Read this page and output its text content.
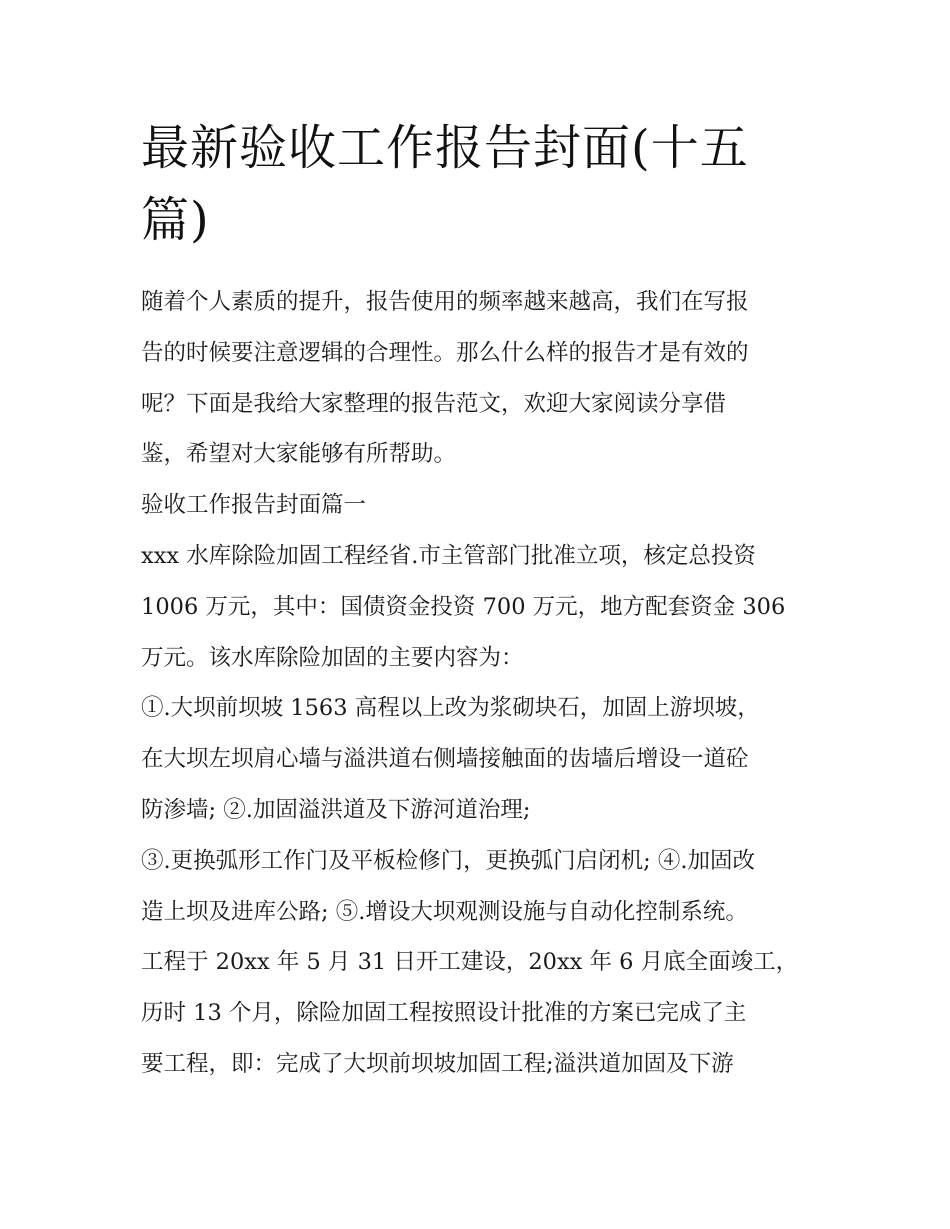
最新验收工作报告封面(十五篇)
随着个人素质的提升，报告使用的频率越来越高，我们在写报
告的时候要注意逻辑的合理性。那么什么样的报告才是有效的
呢？下面是我给大家整理的报告范文，欢迎大家阅读分享借
鉴，希望对大家能够有所帮助。
验收工作报告封面篇一
xxx 水库除险加固工程经省.市主管部门批准立项，核定总投资
1006 万元，其中：国债资金投资 700 万元，地方配套资金 306
万元。该水库除险加固的主要内容为：
①.大坝前坝坡 1563 高程以上改为浆砌块石，加固上游坝坡，
在大坝左坝肩心墙与溢洪道右侧墙接触面的齿墙后增设一道砼
防渗墙; ②.加固溢洪道及下游河道治理;
③.更换弧形工作门及平板检修门，更换弧门启闭机; ④.加固改
造上坝及进库公路; ⑤.增设大坝观测设施与自动化控制系统。
工程于 20xx 年 5 月 31 日开工建设，20xx 年 6 月底全面竣工，
历时 13 个月，除险加固工程按照设计批准的方案已完成了主
要工程，即：完成了大坝前坝坡加固工程;溢洪道加固及下游
